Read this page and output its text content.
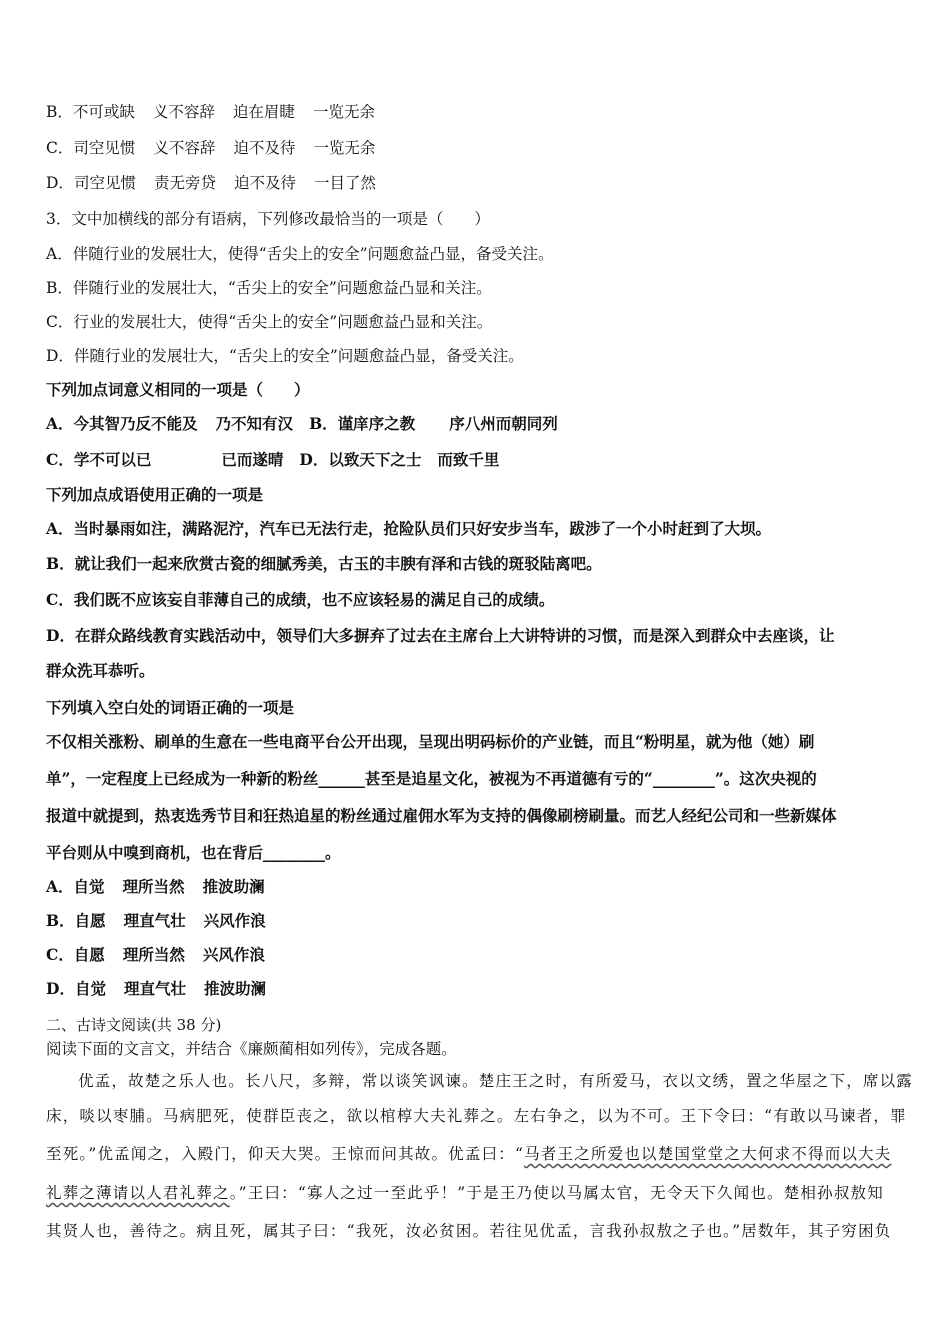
B．不可或缺 义不容辞 迫在眉睫 一览无余
C．司空见惯 义不容辞 迫不及待 一览无余
D．司空见惯 责无旁贷 迫不及待 一目了然
3．文中加横线的部分有语病，下列修改最恰当的一项是（　　）
A．伴随行业的发展壮大，使得“舌尖上的安全”问题愈益凸显，备受关注。
B．伴随行业的发展壮大，“舌尖上的安全”问题愈益凸显和关注。
C．行业的发展壮大，使得“舌尖上的安全”问题愈益凸显和关注。
D．伴随行业的发展壮大，“舌尖上的安全”问题愈益凸显，备受关注。
下列加点词意义相同的一项是（　　）
A．今其智乃反不能及 乃不知有汉 B．谨庠序之教 序八州而朝同列
C．学不可以已	已而遂晴 D．以致天下之士 而致千里
下列加点成语使用正确的一项是
A．当时暴雨如注，满路泥泞，汽车已无法行走，抢险队员们只好安步当车，跋涉了一个小时赶到了大坝。
B．就让我们一起来欣赏古瓷的细腻秀美，古玉的丰腴有泽和古钱的斑驳陆离吧。
C．我们既不应该妄自菲薄自己的成绩，也不应该轻易的满足自己的成绩。
D．在群众路线教育实践活动中，领导们大多摒弃了过去在主席台上大讲特讲的习惯，而是深入到群众中去座谈，让
群众洗耳恭听。
下列填入空白处的词语正确的一项是
不仅相关涨粉、刷单的生意在一些电商平台公开出现，呈现出明码标价的产业链，而且“粉明星，就为他（她）刷
单”，一定程度上已经成为一种新的粉丝______甚至是追星文化，被视为不再道德有亏的“________”。这次央视的
报道中就提到，热衷选秀节目和狂热追星的粉丝通过雇佣水军为支持的偶像刷榜刷量。而艺人经纪公司和一些新媒体
平台则从中嗅到商机，也在背后________。
A．自觉 理所当然 推波助澜
B．自愿 理直气壮 兴风作浪
C．自愿 理所当然 兴风作浪
D．自觉 理直气壮 推波助澜
二、古诗文阅读(共 38 分)
阅读下面的文言文，并结合《廉颇蔺相如列传》，完成各题。
优孟，故楚之乐人也。长八尺，多辩，常以谈笑讽谏。楚庄王之时，有所爱马，衣以文绣，置之华屋之下，席以露
床，啖以枣脯。马病肥死，使群臣丧之，欲以棺椁大夫礼葬之。左右争之，以为不可。王下令曰：“有敢以马谏者，罪
至死。”优孟闻之，入殿门，仰天大哭。王惊而问其故。优孟曰：“马者王之所爱也以楚国堂堂之大何求不得而以大夫
礼葬之薄请以人君礼葬之。”王曰：“寡人之过一至此乎！”于是王乃使以马属太官，无令天下久闻也。楚相孙叔敖知
其贤人也，善待之。病且死，属其子曰：“我死，汝必贫困。若往见优孟，言我孙叔敖之子也。”居数年，其子穷困负
